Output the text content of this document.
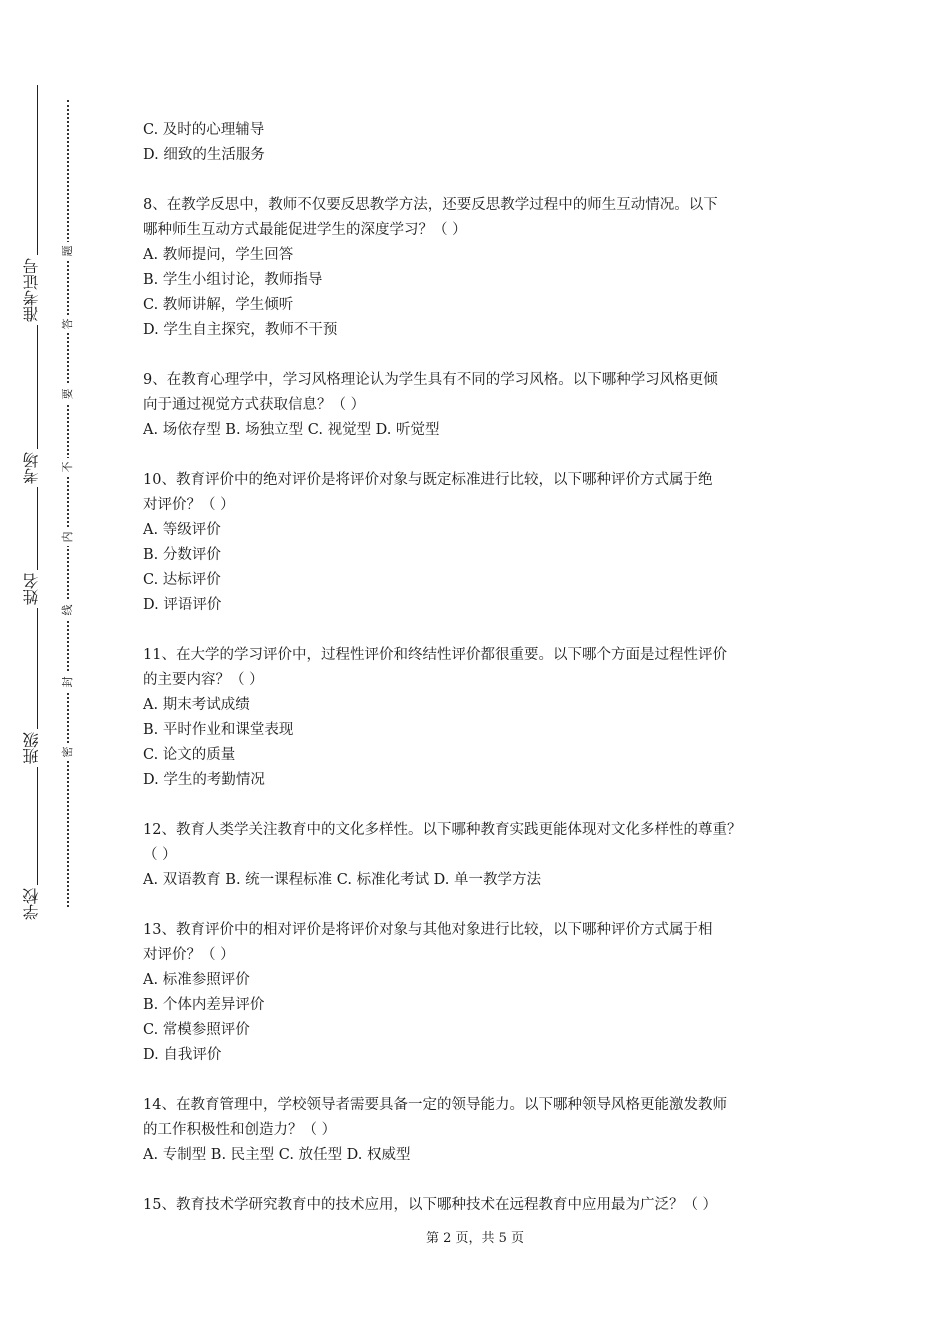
准考证号
考场
姓名
班级
学校
题
答
要
不
内
线
封
密

C. 及时的心理辅导

D. 细致的生活服务

8、在教学反思中，教师不仅要反思教学方法，还要反思教学过程中的师生互动情况。以下

哪种师生互动方式最能促进学生的深度学习？（ ）

A. 教师提问，学生回答

B. 学生小组讨论，教师指导

C. 教师讲解，学生倾听

D. 学生自主探究，教师不干预

9、在教育心理学中，学习风格理论认为学生具有不同的学习风格。以下哪种学习风格更倾

向于通过视觉方式获取信息？（ ）

A. 场依存型 B. 场独立型 C. 视觉型 D. 听觉型

10、教育评价中的绝对评价是将评价对象与既定标准进行比较，以下哪种评价方式属于绝

对评价？（ ）

A. 等级评价

B. 分数评价

C. 达标评价

D. 评语评价

11、在大学的学习评价中，过程性评价和终结性评价都很重要。以下哪个方面是过程性评价

的主要内容？（ ）

A. 期末考试成绩

B. 平时作业和课堂表现

C. 论文的质量

D. 学生的考勤情况

12、教育人类学关注教育中的文化多样性。以下哪种教育实践更能体现对文化多样性的尊重？

（ ）

A. 双语教育 B. 统一课程标准 C. 标准化考试 D. 单一教学方法

13、教育评价中的相对评价是将评价对象与其他对象进行比较，以下哪种评价方式属于相

对评价？（ ）

A. 标准参照评价

B. 个体内差异评价

C. 常模参照评价

D. 自我评价

14、在教育管理中，学校领导者需要具备一定的领导能力。以下哪种领导风格更能激发教师

的工作积极性和创造力？（ ）

A. 专制型 B. 民主型 C. 放任型 D. 权威型

15、教育技术学研究教育中的技术应用，以下哪种技术在远程教育中应用最为广泛？（ ）

第 2 页，共 5 页
